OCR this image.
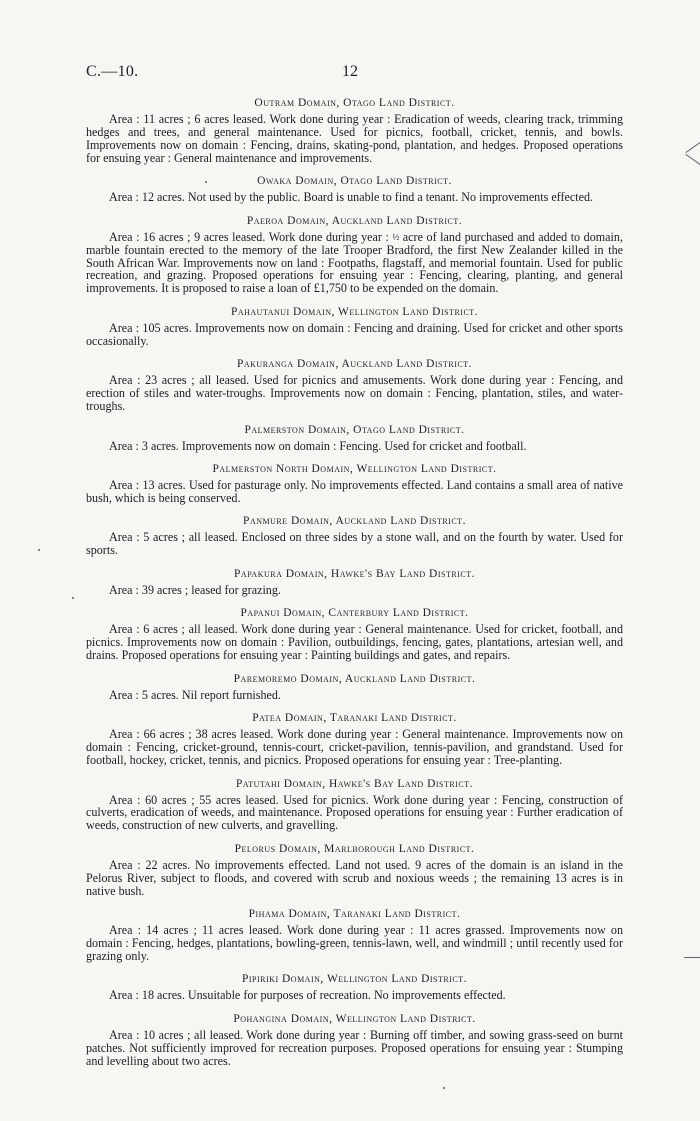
C.—10.	12
Outram Domain, Otago Land District.

Area : 11 acres ; 6 acres leased. Work done during year : Eradication of weeds, clearing track, trimming hedges and trees, and general maintenance. Used for picnics, football, cricket, tennis, and bowls. Improvements now on domain : Fencing, drains, skating-pond, plantation, and hedges. Proposed operations for ensuing year : General maintenance and improvements.

Owaka Domain, Otago Land District.

Area : 12 acres. Not used by the public. Board is unable to find a tenant. No improvements effected.

Paeroa Domain, Auckland Land District.

Area : 16 acres ; 9 acres leased. Work done during year : ½ acre of land purchased and added to domain, marble fountain erected to the memory of the late Trooper Bradford, the first New Zealander killed in the South African War. Improvements now on land : Footpaths, flagstaff, and memorial fountain. Used for public recreation, and grazing. Proposed operations for ensuing year : Fencing, clearing, planting, and general improvements. It is proposed to raise a loan of £1,750 to be expended on the domain.

Pahautanui Domain, Wellington Land District.

Area : 105 acres. Improvements now on domain : Fencing and draining. Used for cricket and other sports occasionally.

Pakuranga Domain, Auckland Land District.

Area : 23 acres ; all leased. Used for picnics and amusements. Work done during year : Fencing, and erection of stiles and water-troughs. Improvements now on domain : Fencing, plantation, stiles, and water-troughs.

Palmerston Domain, Otago Land District.

Area : 3 acres. Improvements now on domain : Fencing. Used for cricket and football.

Palmerston North Domain, Wellington Land District.

Area : 13 acres. Used for pasturage only. No improvements effected. Land contains a small area of native bush, which is being conserved.

Panmure Domain, Auckland Land District.

Area : 5 acres ; all leased. Enclosed on three sides by a stone wall, and on the fourth by water. Used for sports.

Papakura Domain, Hawke's Bay Land District.

Area : 39 acres ; leased for grazing.

Papanui Domain, Canterbury Land District.

Area : 6 acres ; all leased. Work done during year : General maintenance. Used for cricket, football, and picnics. Improvements now on domain : Pavilion, outbuildings, fencing, gates, plantations, artesian well, and drains. Proposed operations for ensuing year : Painting buildings and gates, and repairs.

Paremoremo Domain, Auckland Land District.

Area : 5 acres. Nil report furnished.

Patea Domain, Taranaki Land District.

Area : 66 acres ; 38 acres leased. Work done during year : General maintenance. Improvements now on domain : Fencing, cricket-ground, tennis-court, cricket-pavilion, tennis-pavilion, and grandstand. Used for football, hockey, cricket, tennis, and picnics. Proposed operations for ensuing year : Tree-planting.

Patutahi Domain, Hawke's Bay Land District.

Area : 60 acres ; 55 acres leased. Used for picnics. Work done during year : Fencing, construction of culverts, eradication of weeds, and maintenance. Proposed operations for ensuing year : Further eradication of weeds, construction of new culverts, and gravelling.

Pelorus Domain, Marlborough Land District.

Area : 22 acres. No improvements effected. Land not used. 9 acres of the domain is an island in the Pelorus River, subject to floods, and covered with scrub and noxious weeds ; the remaining 13 acres is in native bush.

Pihama Domain, Taranaki Land District.

Area : 14 acres ; 11 acres leased. Work done during year : 11 acres grassed. Improvements now on domain : Fencing, hedges, plantations, bowling-green, tennis-lawn, well, and windmill ; until recently used for grazing only.

Pipiriki Domain, Wellington Land District.

Area : 18 acres. Unsuitable for purposes of recreation. No improvements effected.

Pohangina Domain, Wellington Land District.

Area : 10 acres ; all leased. Work done during year : Burning off timber, and sowing grass-seed on burnt patches. Not sufficiently improved for recreation purposes. Proposed operations for ensuing year : Stumping and levelling about two acres.
